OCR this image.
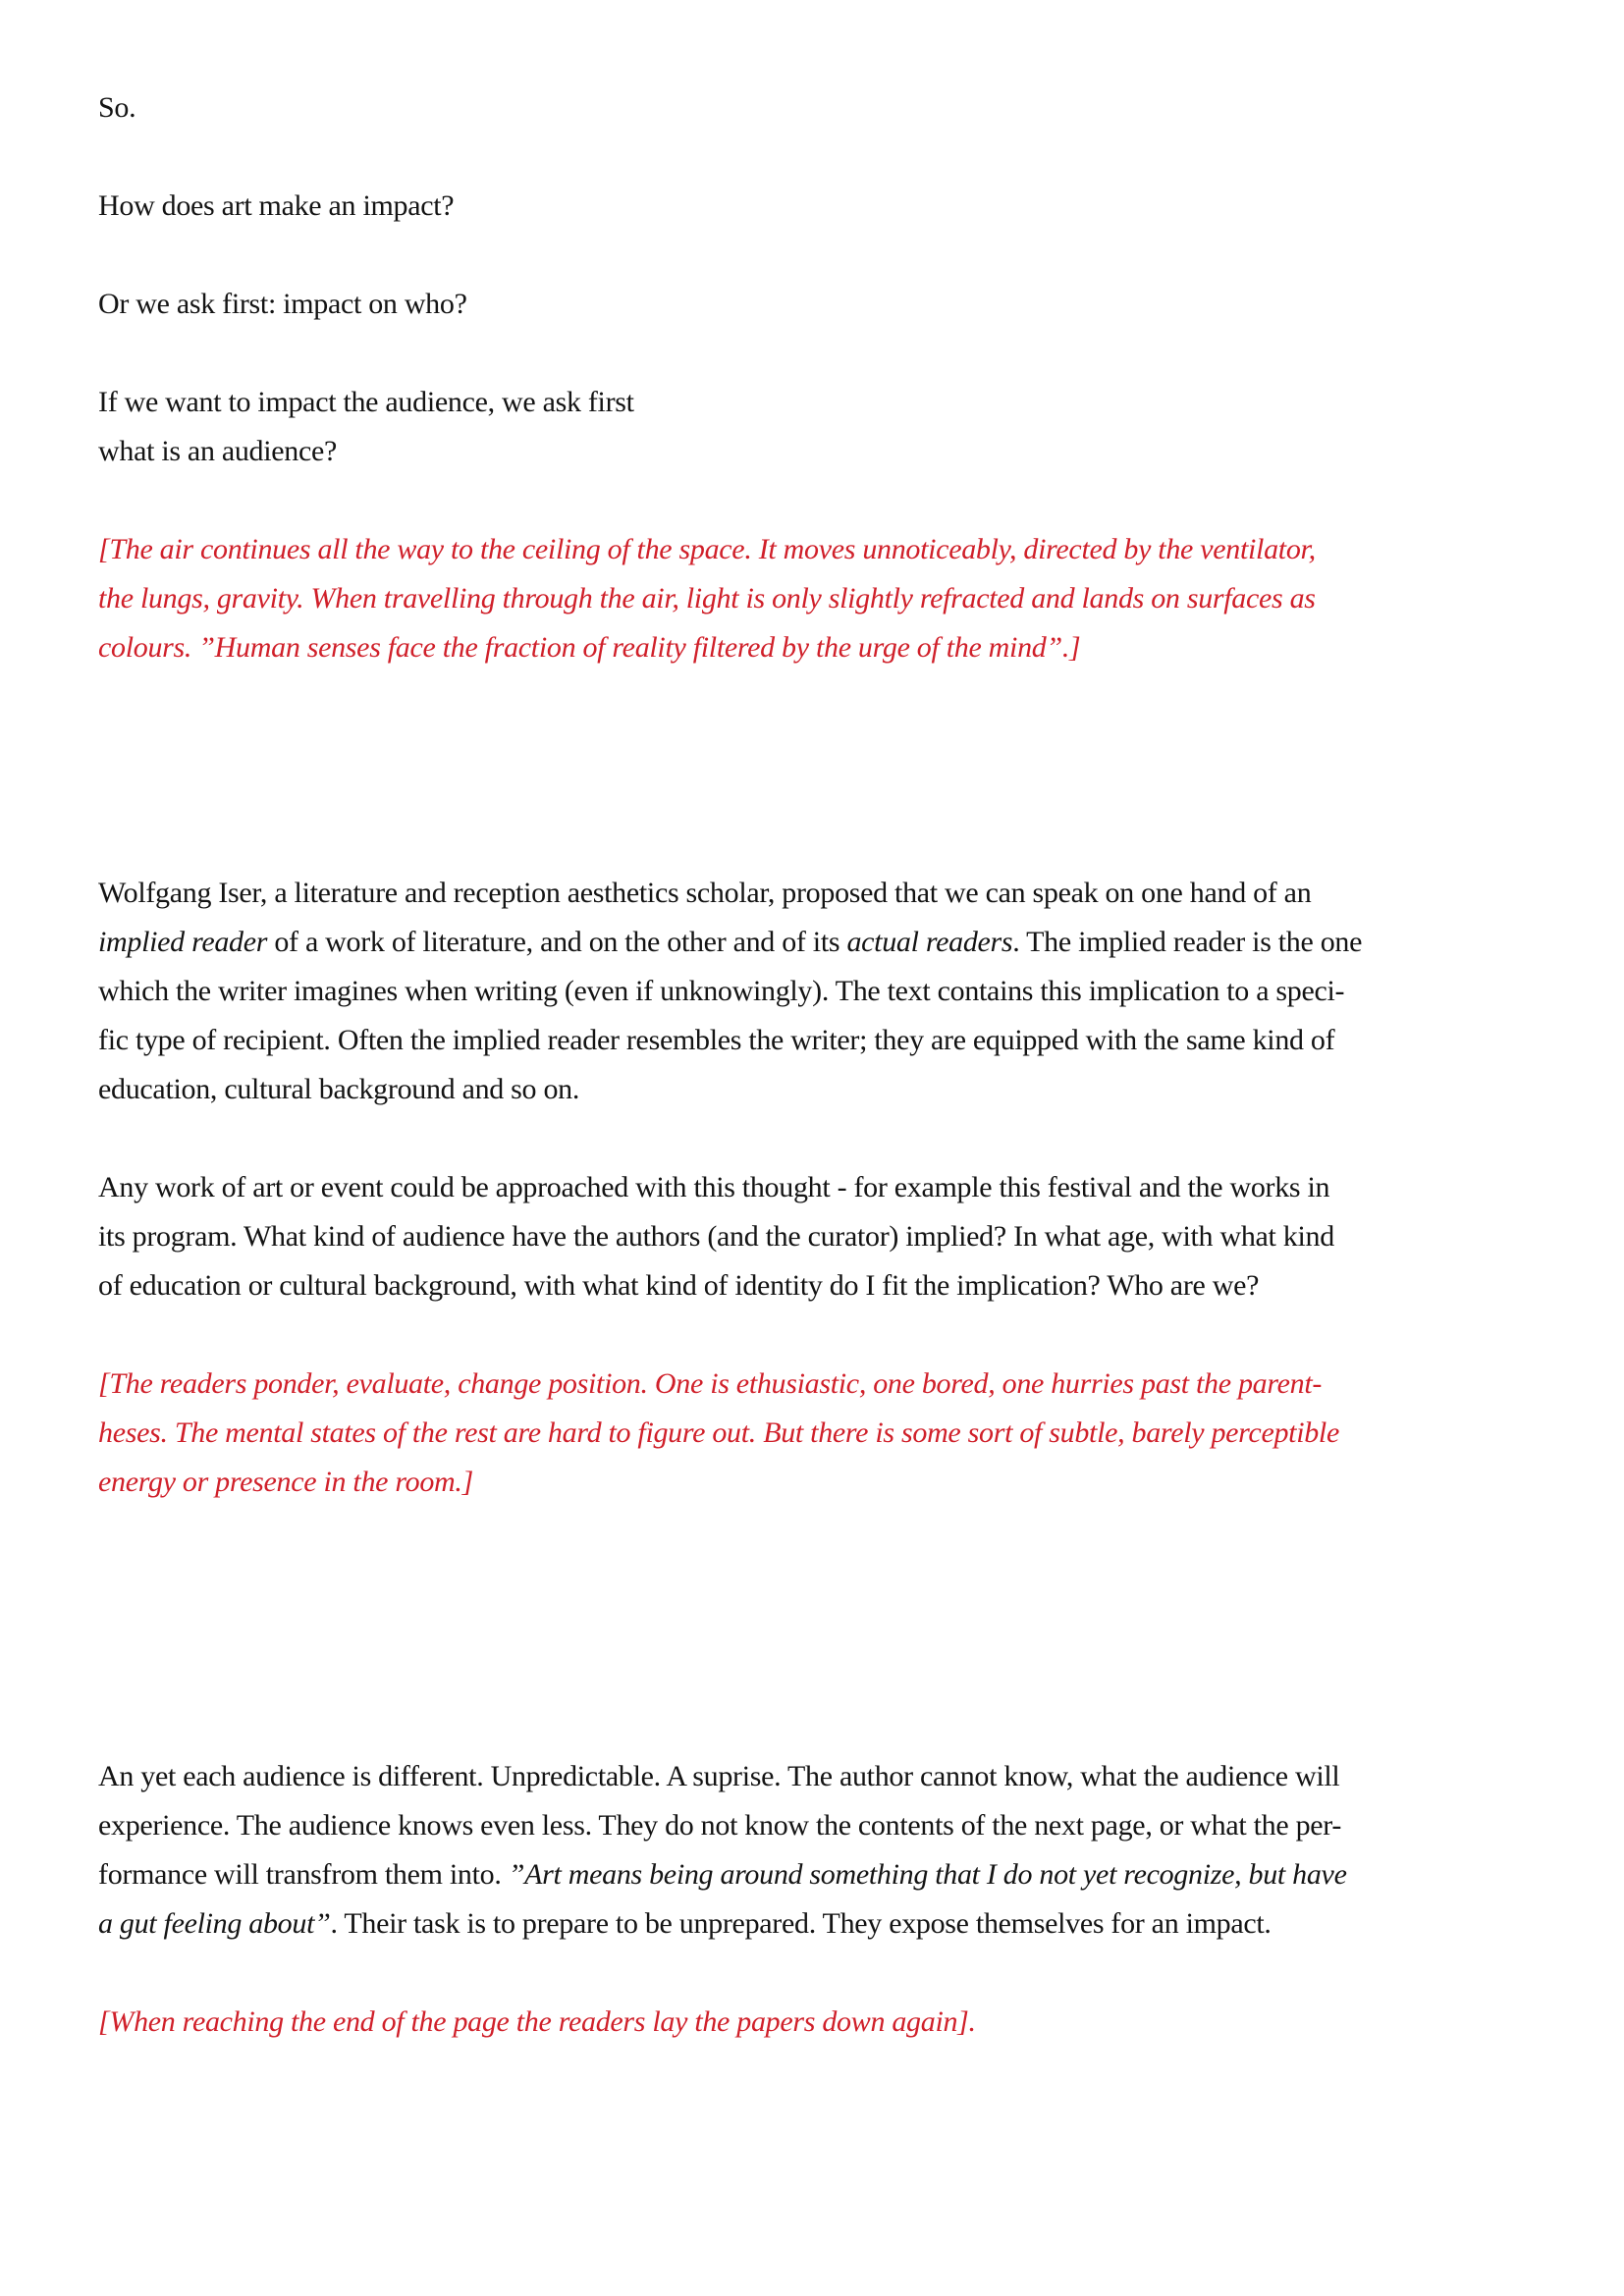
So.
How does art make an impact?
Or we ask first: impact on who?
If we want to impact the audience, we ask first
what is an audience?
[The air continues all the way to the ceiling of the space. It moves unnoticeably, directed by the ventilator,
the lungs, gravity. When travelling through the air, light is only slightly refracted and lands on surfaces as
colours. ”Human senses face the fraction of reality filtered by the urge of the mind”.]
Wolfgang Iser, a literature and reception aesthetics scholar, proposed that we can speak on one hand of an
implied reader of a work of literature, and on the other and of its actual readers. The implied reader is the one
which the writer imagines when writing (even if unknowingly). The text contains this implication to a speci-
fic type of recipient. Often the implied reader resembles the writer; they are equipped with the same kind of
education, cultural background and so on.
Any work of art or event could be approached with this thought - for example this festival and the works in
its program. What kind of audience have the authors (and the curator) implied? In what age, with what kind
of education or cultural background, with what kind of identity do I fit the implication? Who are we?
[The readers ponder, evaluate, change position. One is ethusiastic, one bored, one hurries past the parent-
heses. The mental states of the rest are hard to figure out. But there is some sort of subtle, barely perceptible
energy or presence in the room.]
An yet each audience is different. Unpredictable. A suprise. The author cannot know, what the audience will
experience. The audience knows even less. They do not know the contents of the next page, or what the per-
formance will transfrom them into. ”Art means being around something that I do not yet recognize, but have
a gut feeling about”. Their task is to prepare to be unprepared. They expose themselves for an impact.
[When reaching the end of the page the readers lay the papers down again].
